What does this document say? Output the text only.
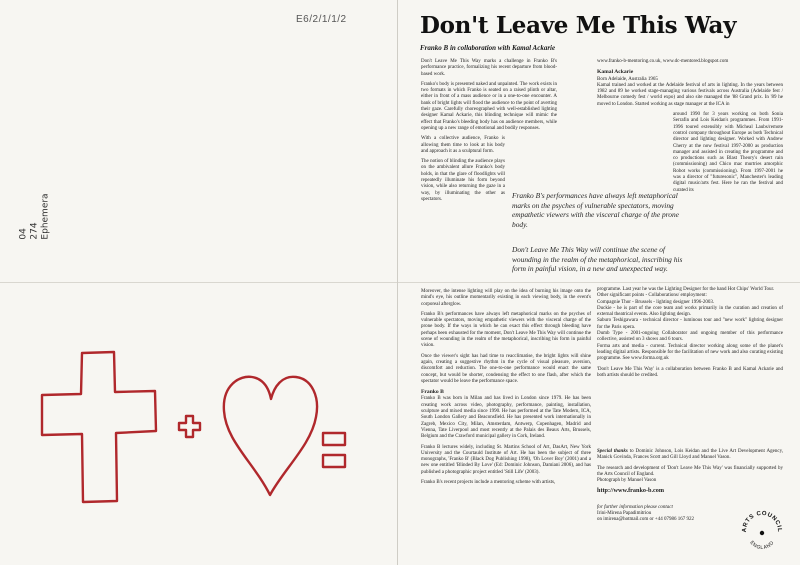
E6/2/1/1/2
04 274 Ephemera
Don't Leave Me This Way
Franko B in collaboration with Kamal Ackarie

Don't Leave Me This Way marks a challenge in Franko B's performance practice, formalizing his recent departure from blood-based work.

Franko's body is presented naked and unpainted. The work exists in two formats in which Franko is seated on a raised plinth or altar, either in front of a mass audience or in a one-to-one encounter. A bank of bright lights will flood the audience to the point of averting their gaze. Carefully choreographed with well-established lighting designer Kamal Ackarie, this blinding technique will mimic the effect that Franko's bleeding body has on audience members, while opening up a new range of emotional and bodily responses.

With a collective audience, Franko is allowing them time to look at his body and approach it as a sculptural form.

The notion of blinding the audience plays on the ambivalent allure Franko's body holds, in that the glare of floodlights will repeatedly illuminate his form beyond vision, while also returning the gaze in a way, by illuminating the other as spectators.	Franko B's performances have always left metaphorical marks on the psyches of vulnerable spectators, moving empathetic viewers with the visceral charge of the prone body.
Don't Leave Me This Way will continue the scene of wounding in the realm of the metaphorical, inscribing his form in painful vision, in a new and unexpected way.

www.franko-b-mentoring.co.uk, www.dc-mentored.blogspot.com

Kamal Ackarie
Born Adelaide, Australia 1965

Kamal trained and worked at the Adelaide festival of arts in lighting. In the years between 1982 and 89 he worked stage-managing various festivals across Australia (Adelaide fest / Melbourne comedy fest / world expo) and also site managed the '88 Grand prix. In '89 he moved to London. Started working as stage manager at the ICA in

around 1990 for 3 years working on both Sonia Serrafin and Lois Keidan's programmes. From 1991-1996 toured extensibly with Micheal Laubs/remote control company throughout Europe as both Technical director and lighting designer. Worked with Andrew Cherry at the now festival 1997-2000 as production manager and assisted in creating the programme and co productions such as Blast Theory's desert rain (commissioning) and Chico mac murtries amorphic Robot works (commissioning). From 1997-2001 he was a director of "futuresonic", Manchester's leading digital music/arts fest. Here he ran the festival and curated its

Moreover, the intense lighting will play on the idea of burning his image onto the mind's eye, his outline momentarily existing in each viewing body, in the event's corporeal afterglow.

Franko B's performances have always left metaphorical marks on the psyches of vulnerable spectators, moving empathetic viewers with the visceral charge of the prone body. If the ways in which he can exact this effect through bleeding have perhaps been exhausted for the moment, Don't Leave Me This Way will continue the scene of wounding in the realm of the metaphorical, inscribing his form in painful vision.

Once the viewer's sight has had time to reacclimatise, the bright lights will shine again, creating a suggestive rhythm in the cycle of visual pleasure, aversion, discomfort and reduction. The one-to-one performance would enact the same concept, but would be shorter, condensing the effect to one flash, after which the spectator would be leave the performance space.

Franko B

Franko B was born in Milan and has lived in London since 1979. He has been creating work across video, photography, performance, painting, installation, sculpture and mixed media since 1990. He has performed at the Tate Modern, ICA, South London Gallery and Beaconsfield. He has presented work internationally in Zagreb, Mexico City, Milan, Amsterdam, Antwerp, Copenhagen, Madrid and Vienna, Tate Liverpool and most recently at the Palais des Beaux Arts, Brussels, Belgium and the Crawford municipal gallery in Cork, Ireland.

Franko B lectures widely, including St. Martins School of Art, DasArt, New York University and the Courtauld Institute of Art. He has been the subject of three monographs, 'Franko B' (Black Dog Publishing 1998), 'Oh Lover Boy' (2001) and a new one entitled 'Blinded By Love' (Ed: Dominic Johnson, Damiani 2006), and has published a photographic project entitled 'Still Life' (2003).

Franko B's recent projects include a mentoring scheme with artists,

programme. Last year he was the Lighting Designer for the hand Hot Chips' World Tour.
Other significant points - Collaborations/ employment:
Compagnie Thor - Brussels - lighting designer 1996-2003.
Duckie - he is part of the core team and works primarily in the curation and creation of external theatrical events. Also lighting design.
Saburo Teshigawara - technical director - luminous tour and "new work" lighting designer for the Paris opera.
Dumb Type - 2001-ongoing Collaborator and ongoing member of this performance collective, assisted on 3 shows and 6 tours.

Forma arts and media - current. Technical director working along some of the planet's leading digital artists. Responsible for the facilitation of new work and also curating existing programme. See www.forma.org.uk

'Don't Leave Me This Way' is a collaboration between Franko B and Kamal Ackarie and both artists should be credited.

Special thanks to Dominic Johnson, Lois Keidan and the Live Art Development Agency, Manick Govinda, Frances Scott and Gill Lloyd and Manuel Vason.

The research and development of 'Don't Leave Me This Way' was financially supported by the Arts Council of England.

Photograph by Manuel Vason

http://www.franko-b.com

for further information please contact
Irini-Mirena Papadimitriou
on imirena@hotmail.com or +44 07986 167 922
ARTS COUNCIL
ENGLAND
